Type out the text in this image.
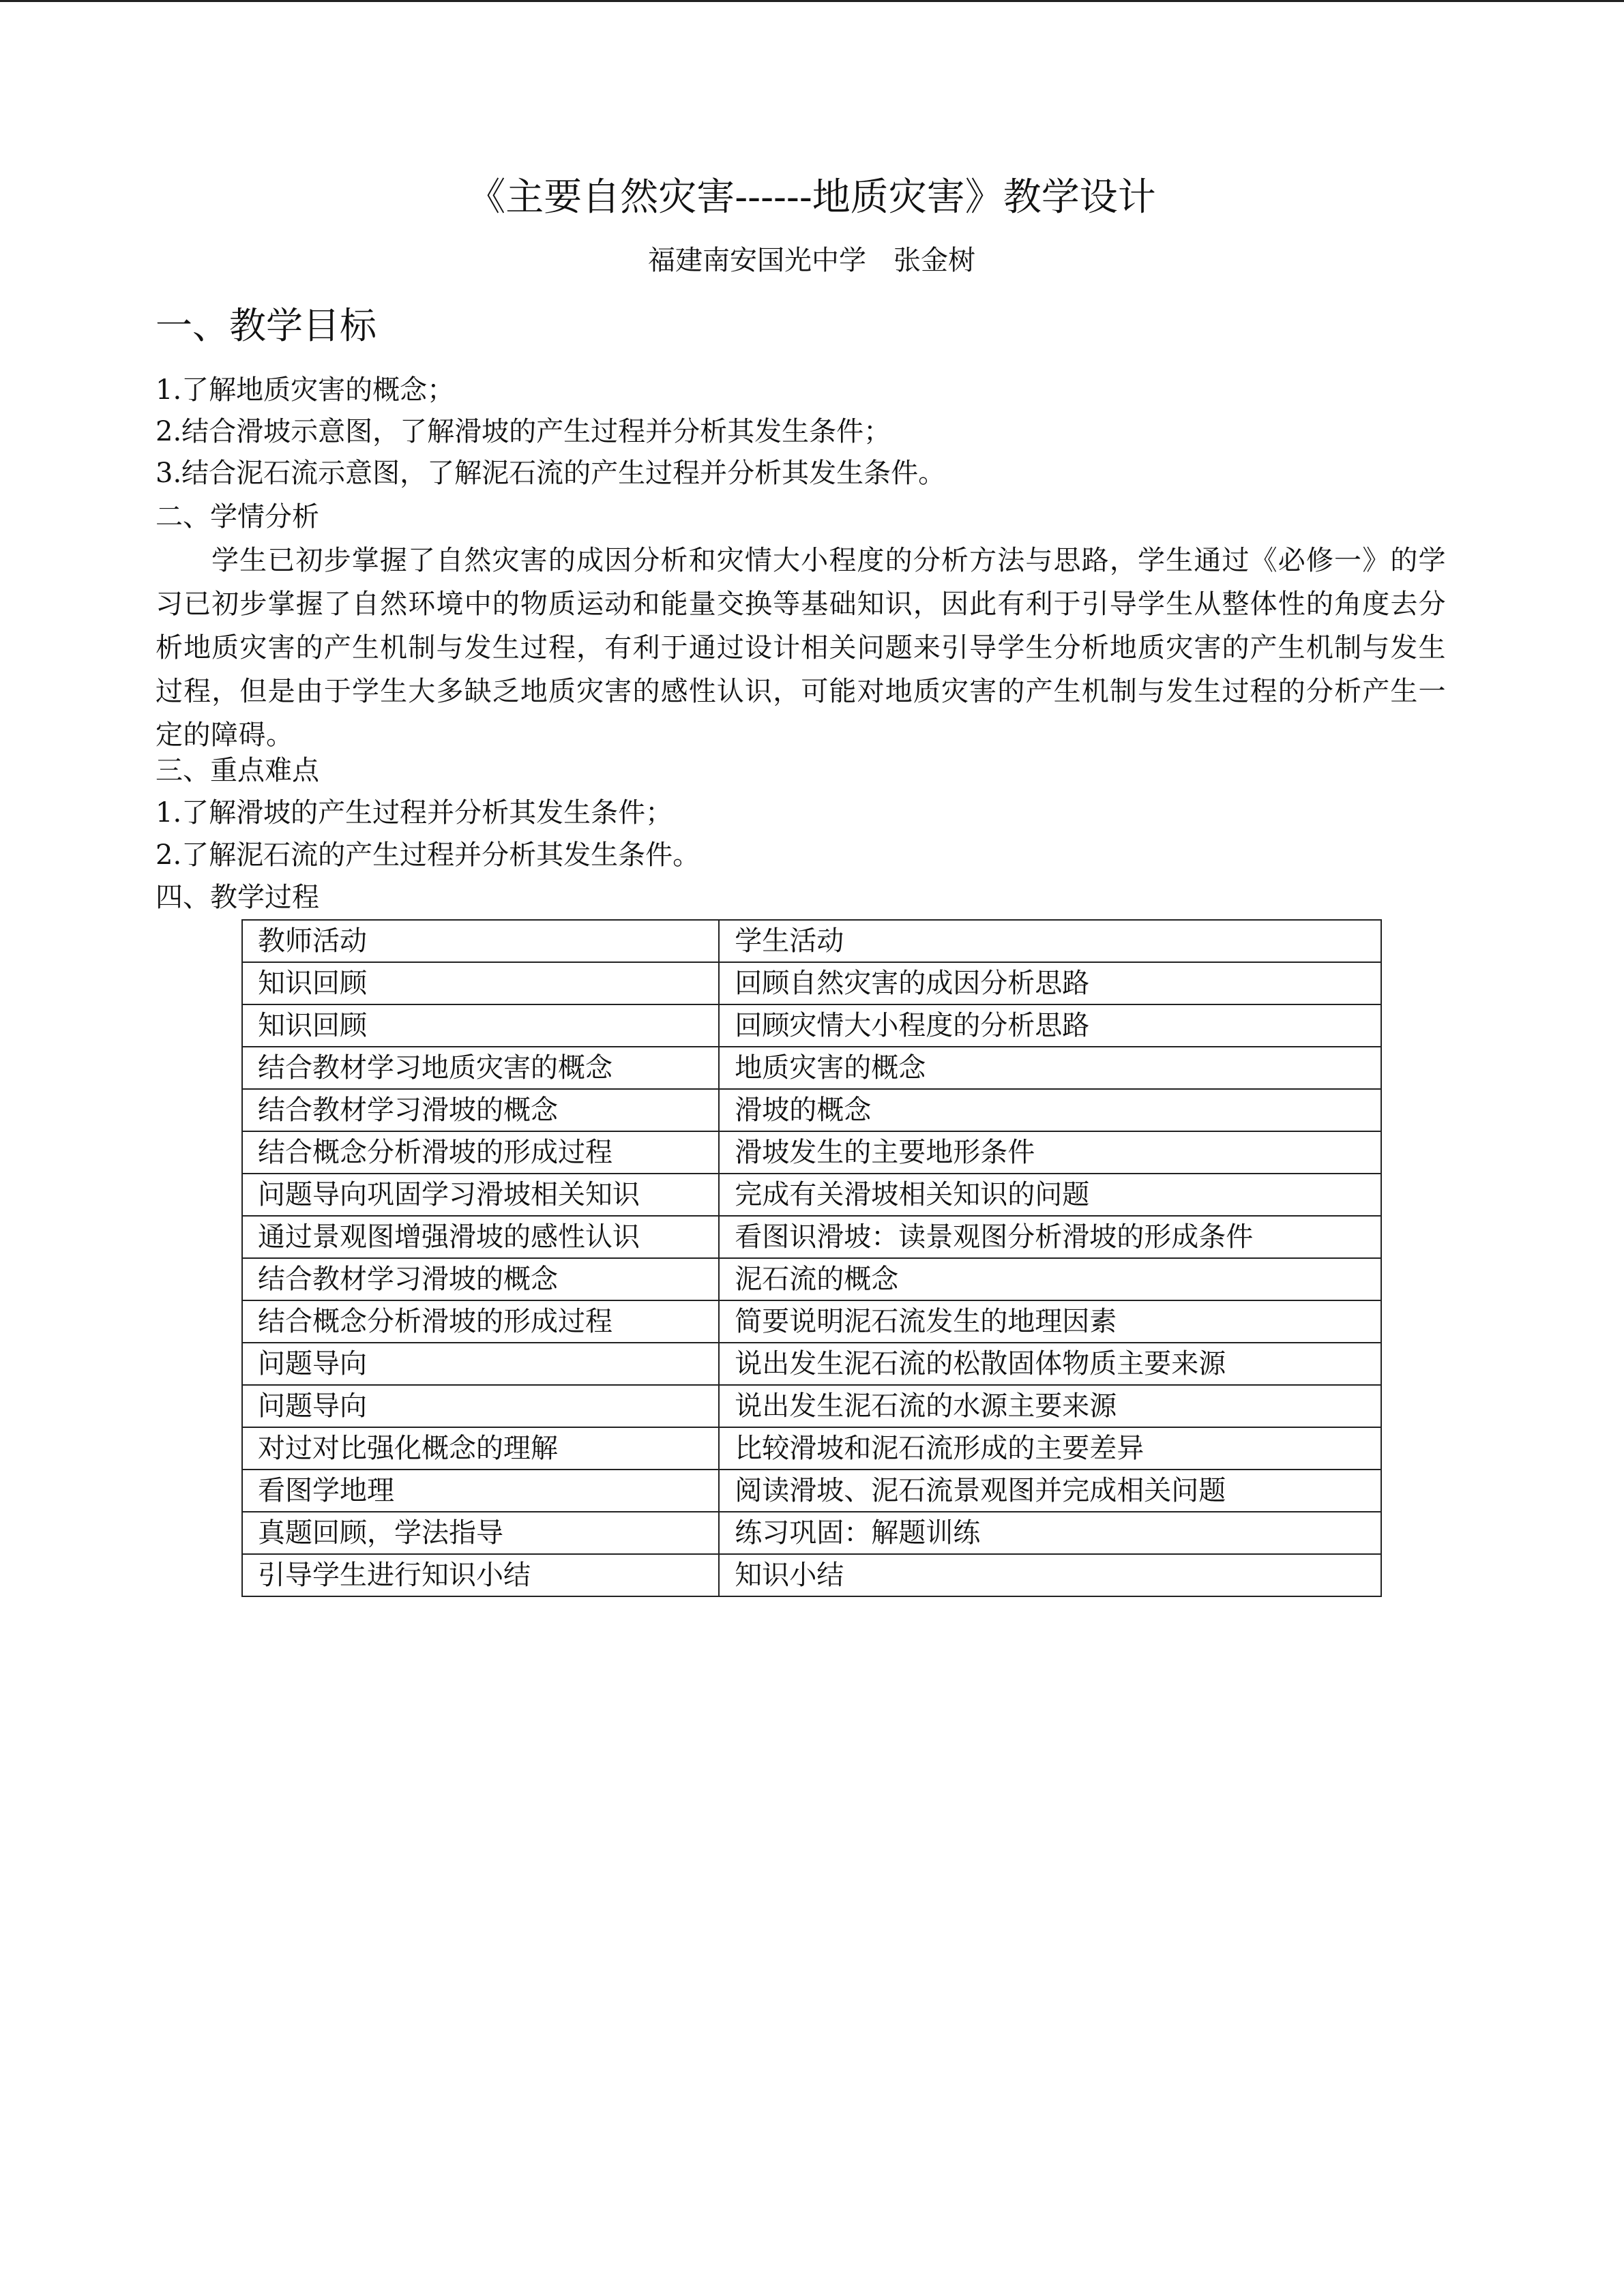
《主要自然灾害------地质灾害》教学设计
福建南安国光中学　张金树
一、教学目标
1.了解地质灾害的概念；
2.结合滑坡示意图，了解滑坡的产生过程并分析其发生条件；
3.结合泥石流示意图，了解泥石流的产生过程并分析其发生条件。
二、学情分析
学生已初步掌握了自然灾害的成因分析和灾情大小程度的分析方法与思路，学生通过《必修一》的学习已初步掌握了自然环境中的物质运动和能量交换等基础知识，因此有利于引导学生从整体性的角度去分析地质灾害的产生机制与发生过程，有利于通过设计相关问题来引导学生分析地质灾害的产生机制与发生过程，但是由于学生大多缺乏地质灾害的感性认识，可能对地质灾害的产生机制与发生过程的分析产生一定的障碍。
三、重点难点
1.了解滑坡的产生过程并分析其发生条件；
2.了解泥石流的产生过程并分析其发生条件。
四、教学过程
教师活动	学生活动
知识回顾	回顾自然灾害的成因分析思路
知识回顾	回顾灾情大小程度的分析思路
结合教材学习地质灾害的概念	地质灾害的概念
结合教材学习滑坡的概念	滑坡的概念
结合概念分析滑坡的形成过程	滑坡发生的主要地形条件
问题导向巩固学习滑坡相关知识	完成有关滑坡相关知识的问题
通过景观图增强滑坡的感性认识	看图识滑坡：读景观图分析滑坡的形成条件
结合教材学习滑坡的概念	泥石流的概念
结合概念分析滑坡的形成过程	简要说明泥石流发生的地理因素
问题导向	说出发生泥石流的松散固体物质主要来源
问题导向	说出发生泥石流的水源主要来源
对过对比强化概念的理解	比较滑坡和泥石流形成的主要差异
看图学地理	阅读滑坡、泥石流景观图并完成相关问题
真题回顾，学法指导	练习巩固：解题训练
引导学生进行知识小结	知识小结
